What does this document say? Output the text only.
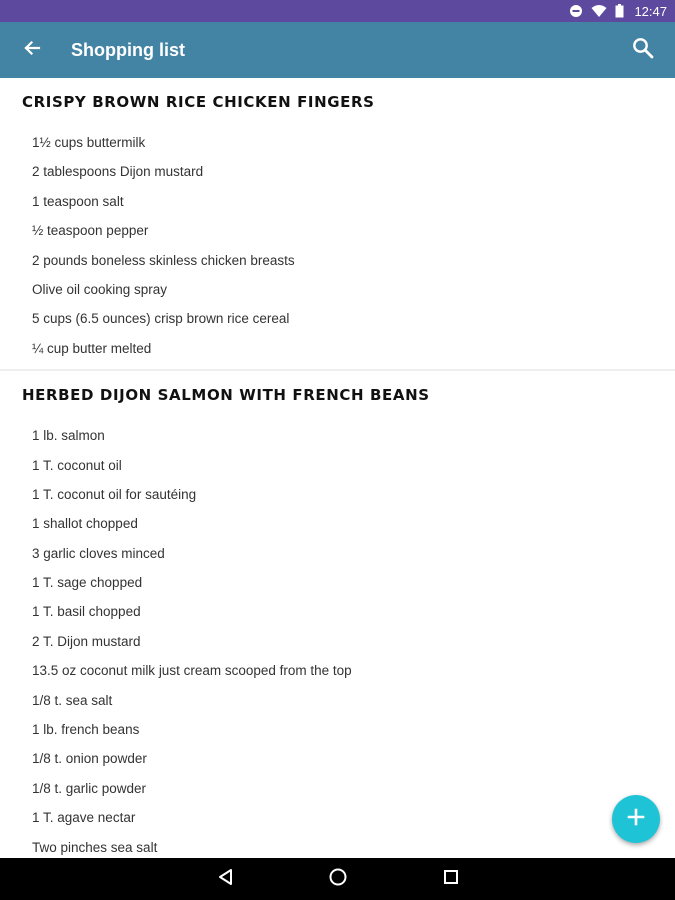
12:47
Shopping list
CRISPY BROWN RICE CHICKEN FINGERS
1½ cups buttermilk
2 tablespoons Dijon mustard
1 teaspoon salt
½ teaspoon pepper
2 pounds boneless skinless chicken breasts
Olive oil cooking spray
5 cups (6.5 ounces) crisp brown rice cereal
¼ cup butter melted
HERBED DIJON SALMON WITH FRENCH BEANS
1 lb. salmon
1 T. coconut oil
1 T. coconut oil for sautéing
1 shallot chopped
3 garlic cloves minced
1 T. sage chopped
1 T. basil chopped
2 T. Dijon mustard
13.5 oz coconut milk just cream scooped from the top
1/8 t. sea salt
1 lb. french beans
1/8 t. onion powder
1/8 t. garlic powder
1 T. agave nectar
Two pinches sea salt
